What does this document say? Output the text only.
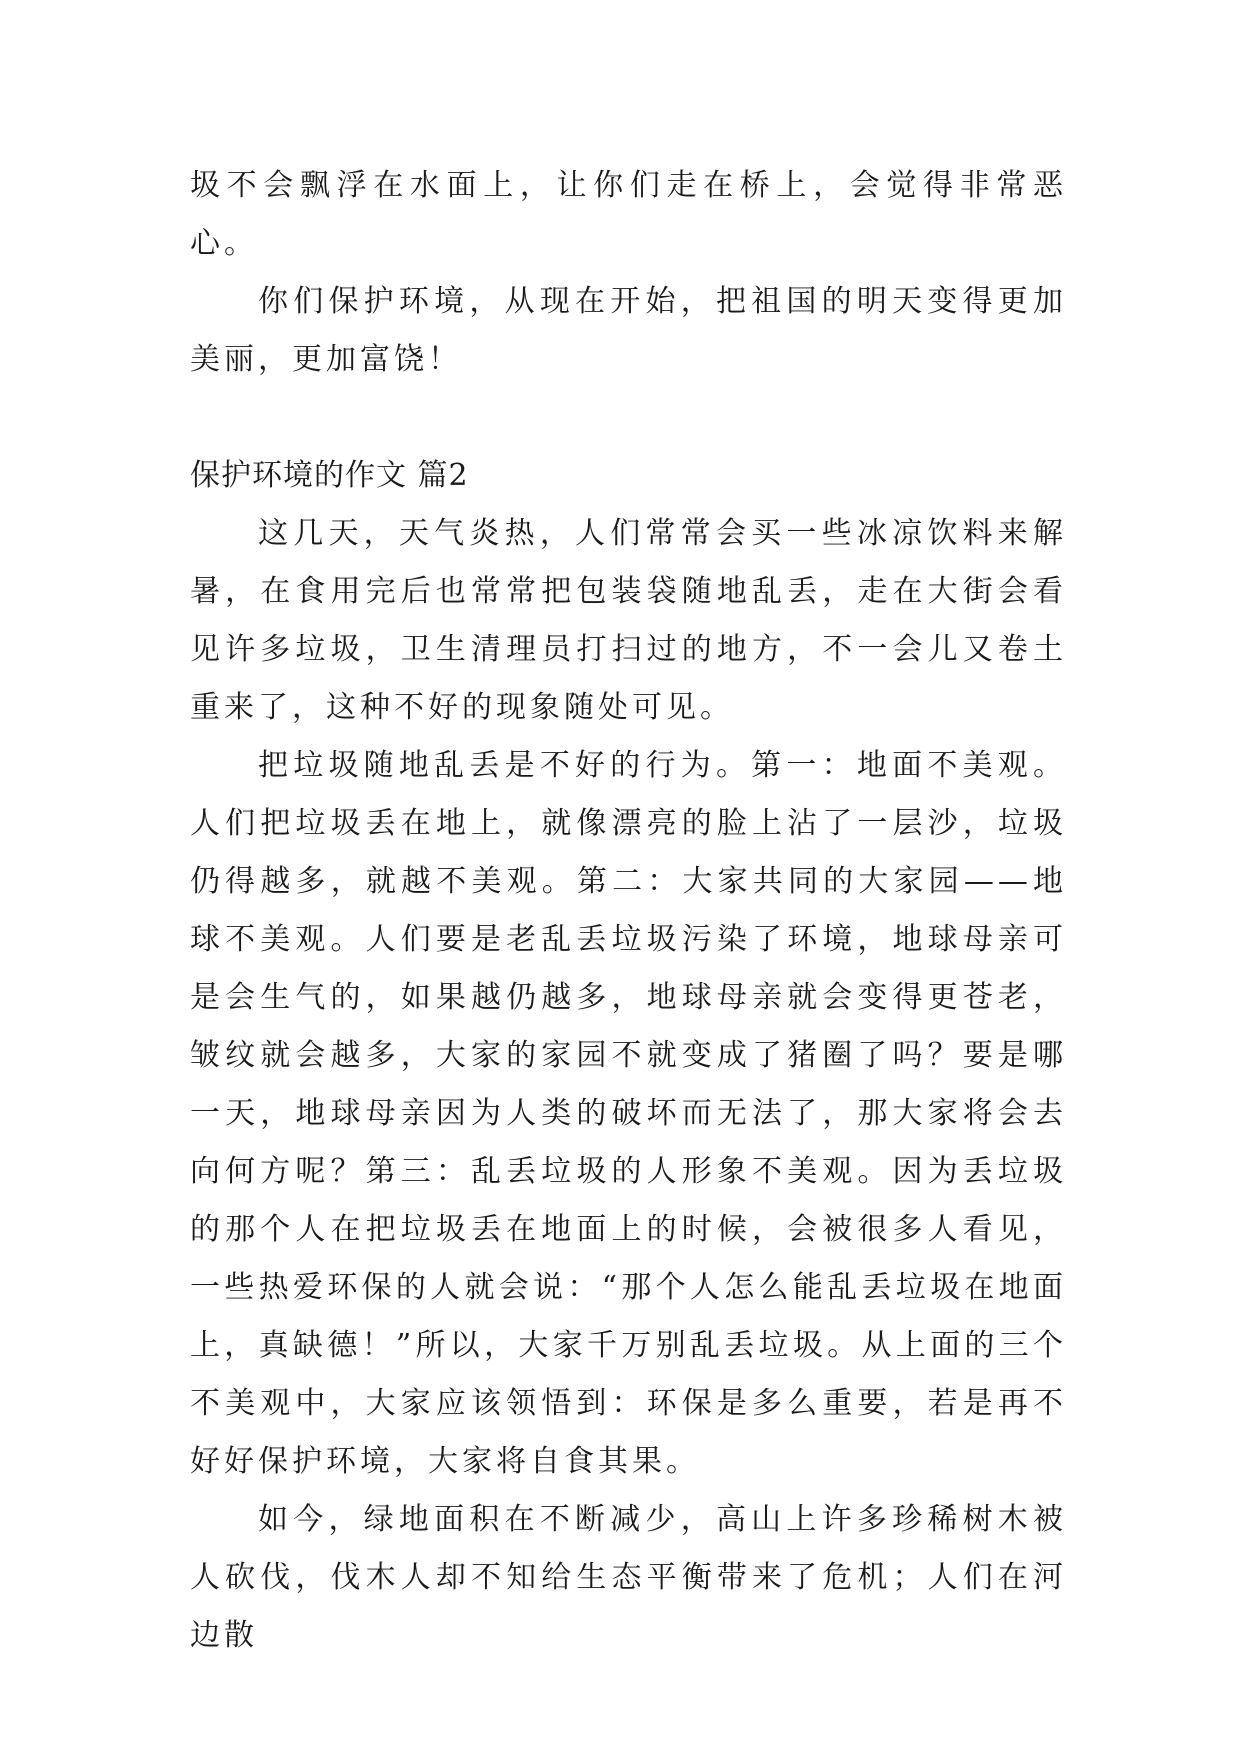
圾不会飘浮在水面上，让你们走在桥上，会觉得非常恶心。

你们保护环境，从现在开始，把祖国的明天变得更加美丽，更加富饶！

保护环境的作文 篇2

这几天，天气炎热，人们常常会买一些冰凉饮料来解暑，在食用完后也常常把包装袋随地乱丢，走在大街会看见许多垃圾，卫生清理员打扫过的地方，不一会儿又卷土重来了，这种不好的现象随处可见。

把垃圾随地乱丢是不好的行为。第一：地面不美观。人们把垃圾丢在地上，就像漂亮的脸上沾了一层沙，垃圾仍得越多，就越不美观。第二：大家共同的大家园——地球不美观。人们要是老乱丢垃圾污染了环境，地球母亲可是会生气的，如果越仍越多，地球母亲就会变得更苍老，皱纹就会越多，大家的家园不就变成了猪圈了吗？要是哪一天，地球母亲因为人类的破坏而无法了，那大家将会去向何方呢？第三：乱丢垃圾的人形象不美观。因为丢垃圾的那个人在把垃圾丢在地面上的时候，会被很多人看见，一些热爱环保的人就会说：“那个人怎么能乱丢垃圾在地面上，真缺德！”所以，大家千万别乱丢垃圾。从上面的三个不美观中，大家应该领悟到：环保是多么重要，若是再不好好保护环境，大家将自食其果。

如今，绿地面积在不断减少，高山上许多珍稀树木被人砍伐，伐木人却不知给生态平衡带来了危机；人们在河边散
